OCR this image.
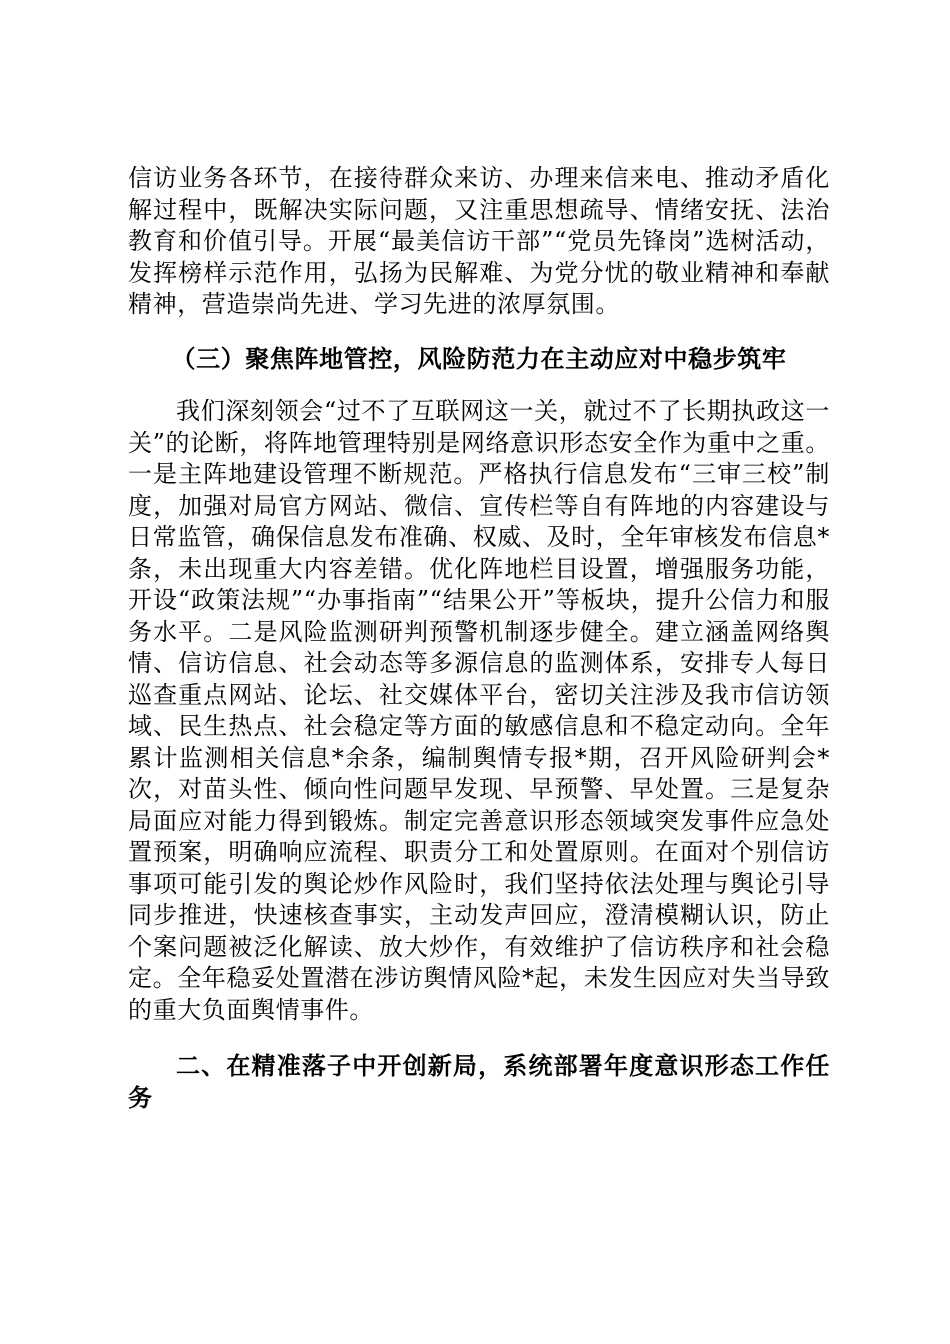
信访业务各环节，在接待群众来访、办理来信来电、推动矛盾化解过程中，既解决实际问题，又注重思想疏导、情绪安抚、法治教育和价值引导。开展“最美信访干部”“党员先锋岗”选树活动，发挥榜样示范作用，弘扬为民解难、为党分忧的敬业精神和奉献精神，营造崇尚先进、学习先进的浓厚氛围。

（三）聚焦阵地管控，风险防范力在主动应对中稳步筑牢

我们深刻领会“过不了互联网这一关，就过不了长期执政这一关”的论断，将阵地管理特别是网络意识形态安全作为重中之重。一是主阵地建设管理不断规范。严格执行信息发布“三审三校”制度，加强对局官方网站、微信、宣传栏等自有阵地的内容建设与日常监管，确保信息发布准确、权威、及时，全年审核发布信息*条，未出现重大内容差错。优化阵地栏目设置，增强服务功能，开设“政策法规”“办事指南”“结果公开”等板块，提升公信力和服务水平。二是风险监测研判预警机制逐步健全。建立涵盖网络舆情、信访信息、社会动态等多源信息的监测体系，安排专人每日巡查重点网站、论坛、社交媒体平台，密切关注涉及我市信访领域、民生热点、社会稳定等方面的敏感信息和不稳定动向。全年累计监测相关信息*余条，编制舆情专报*期，召开风险研判会*次，对苗头性、倾向性问题早发现、早预警、早处置。三是复杂局面应对能力得到锻炼。制定完善意识形态领域突发事件应急处置预案，明确响应流程、职责分工和处置原则。在面对个别信访事项可能引发的舆论炒作风险时，我们坚持依法处理与舆论引导同步推进，快速核查事实，主动发声回应，澄清模糊认识，防止个案问题被泛化解读、放大炒作，有效维护了信访秩序和社会稳定。全年稳妥处置潜在涉访舆情风险*起，未发生因应对失当导致的重大负面舆情事件。

二、在精准落子中开创新局，系统部署年度意识形态工作任务
